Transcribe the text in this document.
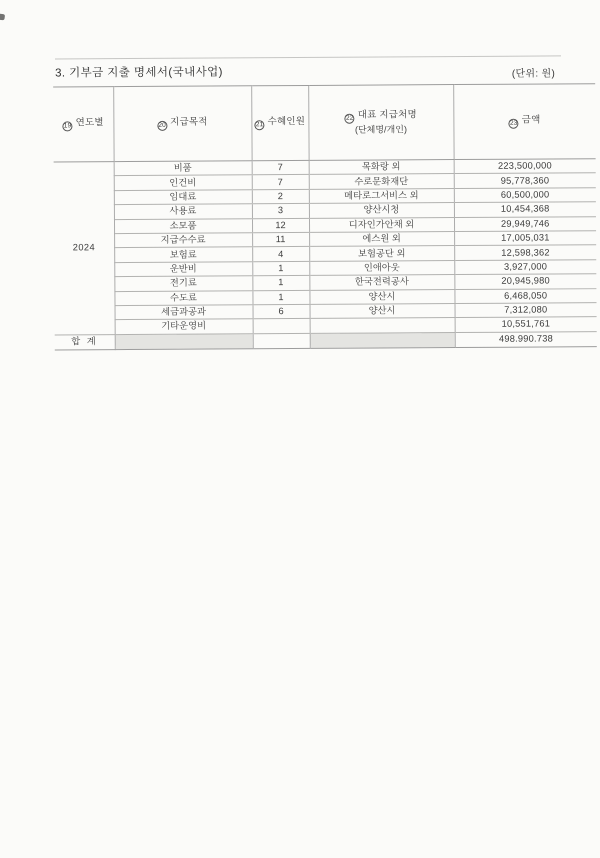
3. 기부금 지출 명세서(국내사업)	(단위: 원)
19 연도별	20 지급목적	21 수혜인원	22 대표 지급처명
(단체명/개인)	23 금액
2024	비품	7	목화랑 외	223,500,000
	인건비	7	수로문화재단	95,778,360
	임대료	2	메타로그서비스 외	60,500,000
	사용료	3	양산시청	10,454,368
	소모품	12	디자인가안채 외	29,949,746
	지급수수료	11	에스원 외	17,005,031
	보험료	4	보험공단 외	12,598,362
	운반비	1	인애아웃	3,927,000
	전기료	1	한국전력공사	20,945,980
	수도료	1	양산시	6,468,050
	세금과공과	6	양산시	7,312,080
	기타운영비			10,551,761
합 계				498.990.738
